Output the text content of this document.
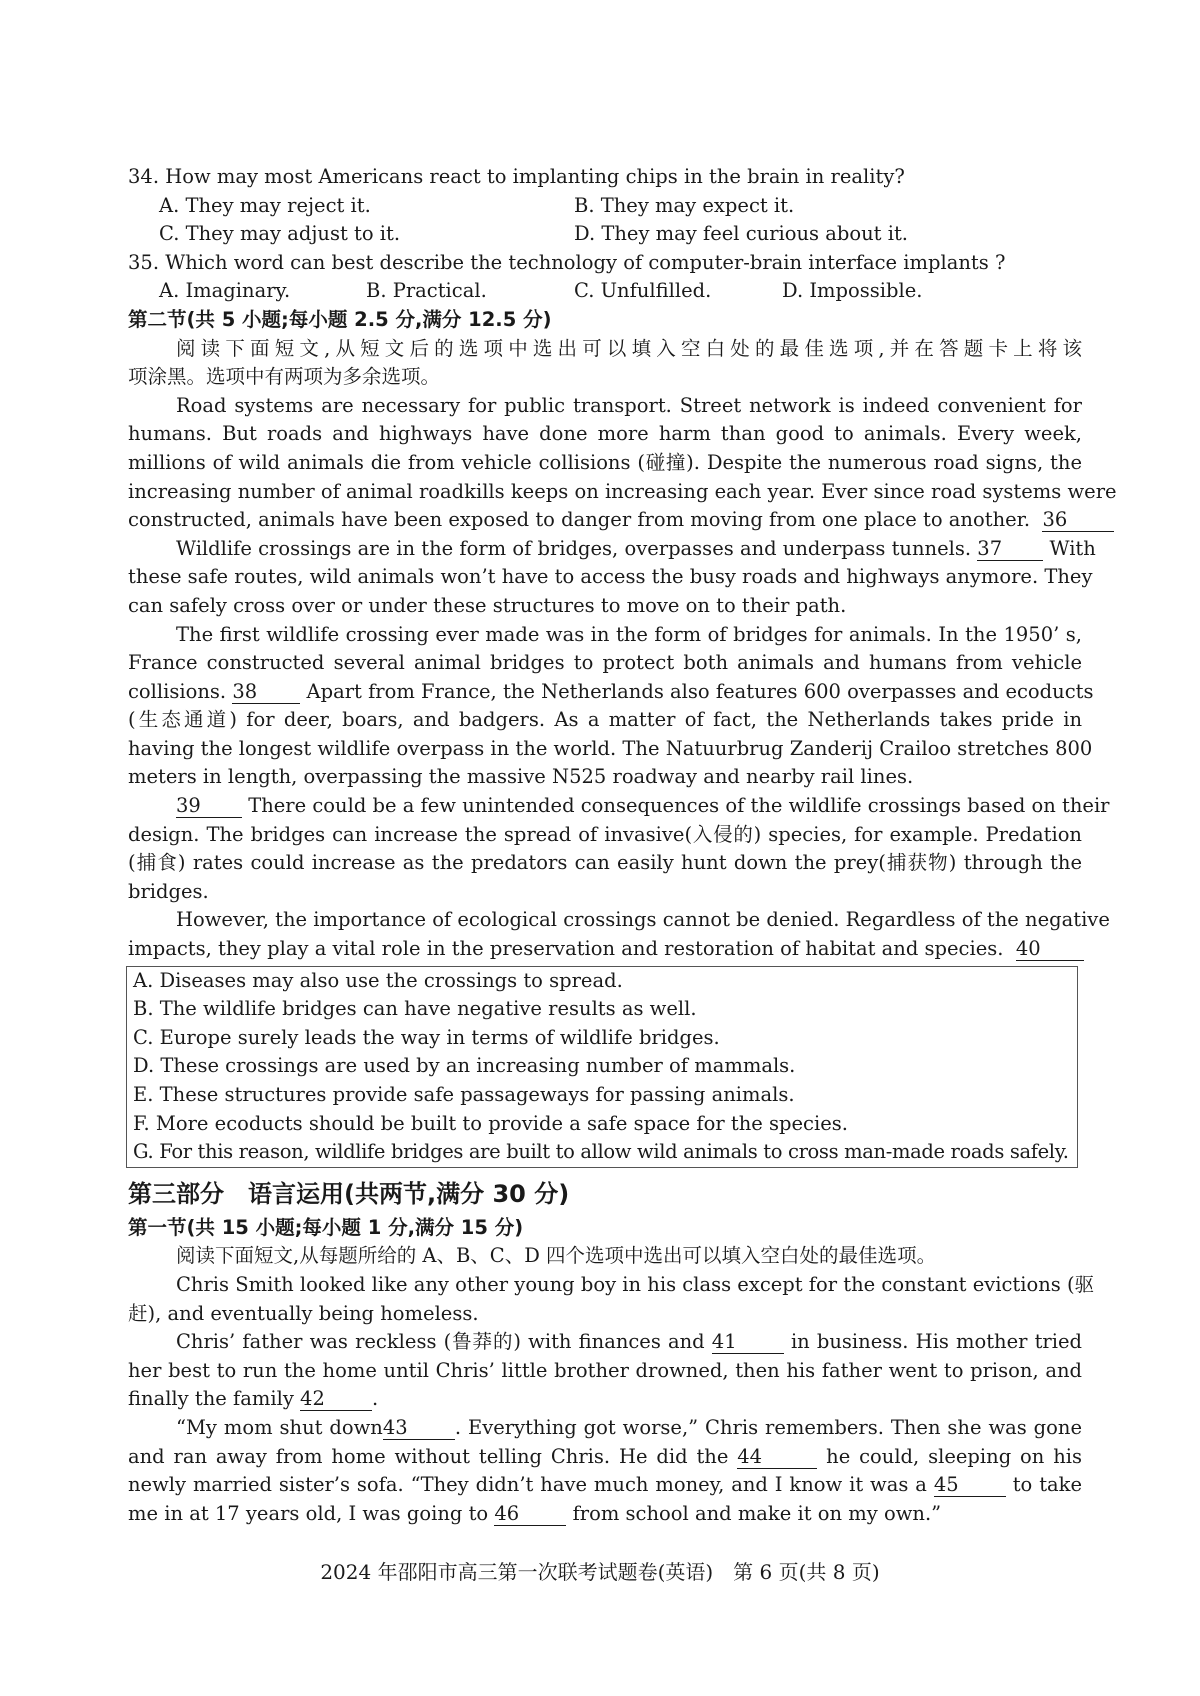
34. How may most Americans react to implanting chips in the brain in reality?
A. They may reject it.	B. They may expect it.
C. They may adjust to it.	D. They may feel curious about it.
35. Which word can best describe the technology of computer-brain interface implants ?
A. Imaginary.	B. Practical.	C. Unfulfilled.	D. Impossible.
第二节(共 5 小题;每小题 2.5 分,满分 12.5 分)
阅读下面短文,从短文后的选项中选出可以填入空白处的最佳选项,并在答题卡上将该
项涂黑。选项中有两项为多余选项。
Road systems are necessary for public transport. Street network is indeed convenient for
humans. But roads and highways have done more harm than good to animals. Every week,
millions of wild animals die from vehicle collisions (碰撞). Despite the numerous road signs, the
increasing number of animal roadkills keeps on increasing each year. Ever since road systems were
constructed, animals have been exposed to danger from moving from one place to another. 36
Wildlife crossings are in the form of bridges, overpasses and underpass tunnels. 37 With
these safe routes, wild animals won’t have to access the busy roads and highways anymore. They
can safely cross over or under these structures to move on to their path.
The first wildlife crossing ever made was in the form of bridges for animals. In the 1950’ s,
France constructed several animal bridges to protect both animals and humans from vehicle
collisions. 38	Apart from France, the Netherlands also features 600 overpasses and ecoducts
(生态通道) for deer, boars, and badgers. As a matter of fact, the Netherlands takes pride in
having the longest wildlife overpass in the world. The Natuurbrug Zanderij Crailoo stretches 800
meters in length, overpassing the massive N525 roadway and nearby rail lines.
39 There could be a few unintended consequences of the wildlife crossings based on their
design. The bridges can increase the spread of invasive(入侵的) species, for example. Predation
(捕食) rates could increase as the predators can easily hunt down the prey(捕获物) through the
bridges.
However, the importance of ecological crossings cannot be denied. Regardless of the negative
impacts, they play a vital role in the preservation and restoration of habitat and species. 40
A. Diseases may also use the crossings to spread.
B. The wildlife bridges can have negative results as well.
C. Europe surely leads the way in terms of wildlife bridges.
D. These crossings are used by an increasing number of mammals.
E. These structures provide safe passageways for passing animals.
F. More ecoducts should be built to provide a safe space for the species.
G. For this reason, wildlife bridges are built to allow wild animals to cross man-made roads safely.
第三部分　语言运用(共两节,满分 30 分)
第一节(共 15 小题;每小题 1 分,满分 15 分)
阅读下面短文,从每题所给的 A、B、C、D 四个选项中选出可以填入空白处的最佳选项。
Chris Smith looked like any other young boy in his class except for the constant evictions (驱
赶), and eventually being homeless.
Chris’ father was reckless (鲁莽的) with finances and 41	in business. His mother tried
her best to run the home until Chris’ little brother drowned, then his father went to prison, and
finally the family 42 .
“My mom shut down43 . Everything got worse,” Chris remembers. Then she was gone
and ran away from home without telling Chris. He did the 44	he could, sleeping on his
newly married sister’s sofa. “They didn’t have much money, and I know it was a 45	to take
me in at 17 years old, I was going to 46	from school and make it on my own.”
2024 年邵阳市高三第一次联考试题卷(英语)　第 6 页(共 8 页)
